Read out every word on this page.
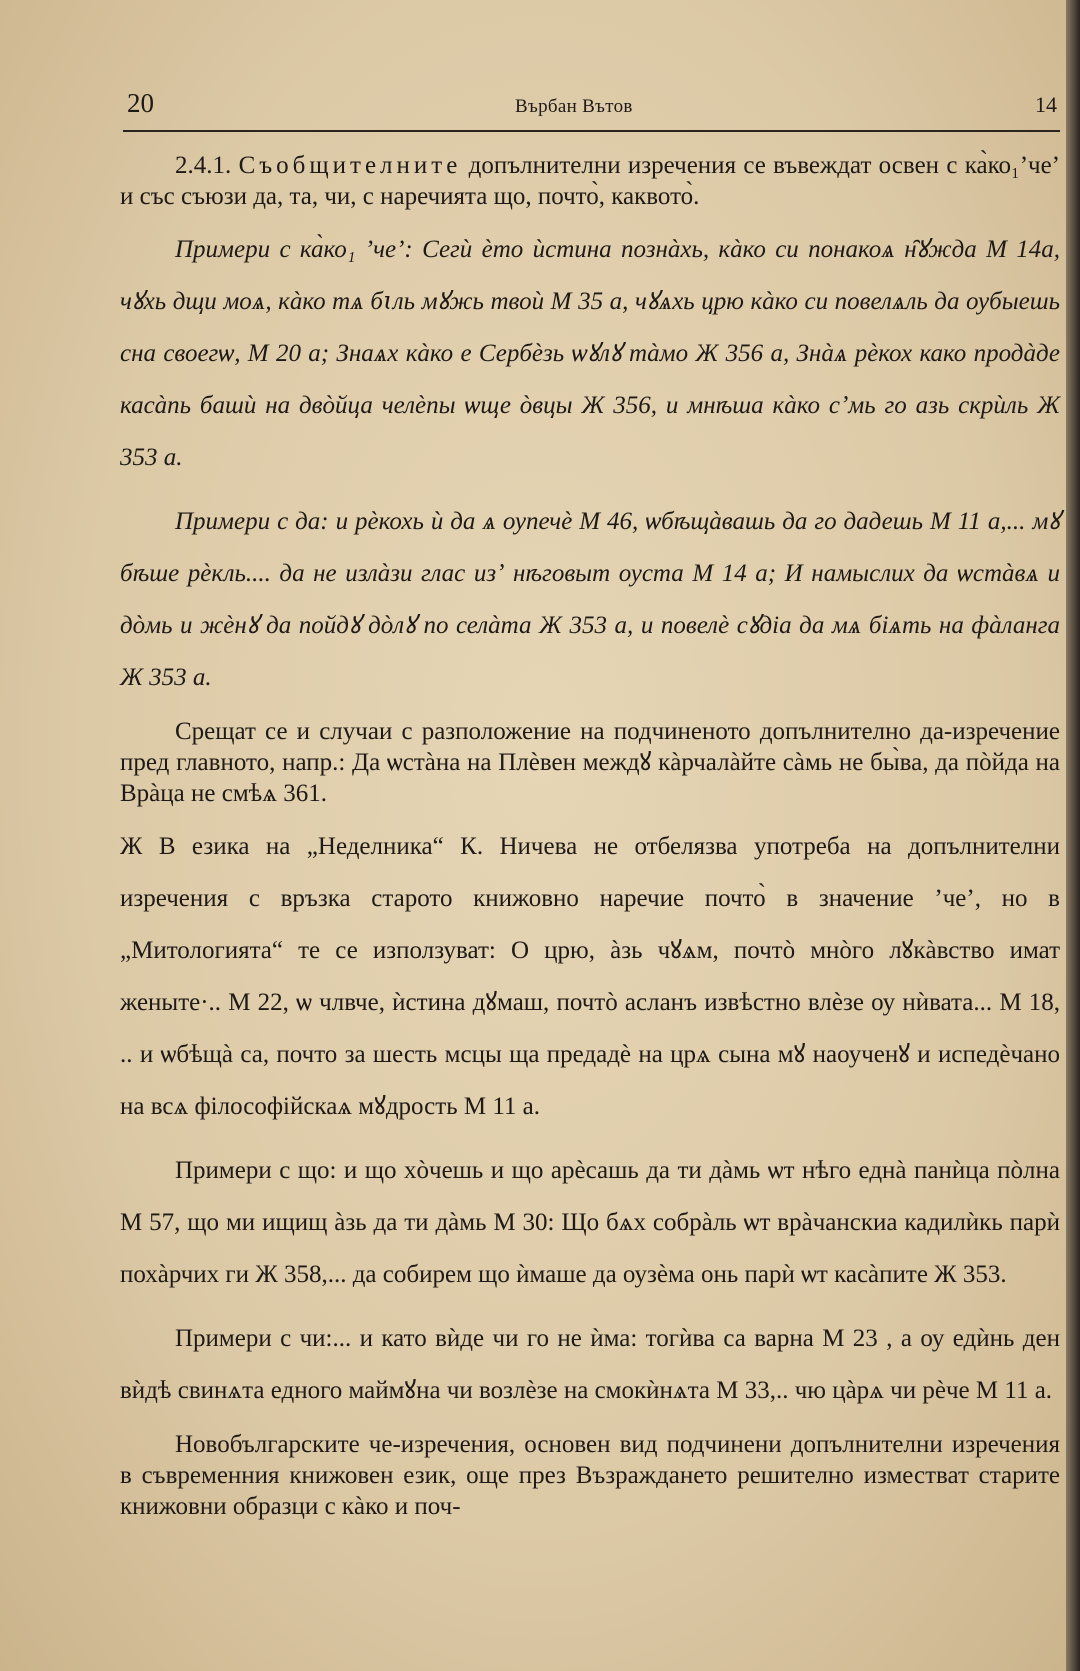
20	Върбан Вътов	14

2.4.1. Съобщителните допълнителни изречения се въвеждат освен с ка̀ко₁’че’ и със съюзи да, та, чи, с наречията що, почто̀, каквото̀.

Примери с ка̀ко₁ ’че’: Сегѝ ѐто ѝстина познàхь, кàко си понакоѧ н̑ꙋжда М 14а, чꙋхь дщи моѧ, кàко тѧ бꙇль мꙋжь твоѝ М 35 а, чꙋѧхь црю кàко си повелѧль да оубыешь сна своегѡ, М 20 а; Знаѧх кàко е Сербѐзь ѡꙋлꙋ тàмо Ж 356 а, Знàѧ рѐкох како продàде касàпь башѝ на двòйца челѐпы ѡще òвцы Ж 356, и мнѣша кàко сʼмь го азь скрѝль Ж 353 а.

Примери с да: и рѐкохь ѝ да ѧ оупечѐ М 46, ѡбѣщàвашь да го дадешь М 11 а,... мꙋ бѣше рѐкль.... да не излàзи глаc изʼ нѣговыт оуста М 14 а; И намыслих да ѡстàвѧ и дòмь и жѐнꙋ да пойдꙋ дòлꙋ по селàта Ж 353 а, и повелѐ сꙋдіа да мѧ бiѧть на фàланга Ж 353 а.

Срещат се и случаи с разположение на подчиненото допълнително да-изречение пред главното, напр.: Да ѡстàна на Плѐвен междꙋ кàрчалàйте сàмь не бы̀ва, да пòйда на Врàца не смѣѧ 361.

Ж В езика на „Неделника“ К. Ничева не отбелязва употреба на допълнителни изречения с връзка старото книжовно наречие почто̀ в значение ’че’, но в „Митологията“ те се използуват: О црю, àзь чꙋѧм, почтò мнòго лꙋкàвство имат женыте·.. М 22, ѡ члвче, ѝстина дꙋмаш, почтò асланъ извѣстно влѐзе оу нѝвата... М 18, .. и ѡбѣщà са, почто за шесть мсцы ща предадѐ на црѧ сына мꙋ наоученꙋ и испедѐчано на всѧ фiлософiйскаѧ мꙋдрость М 11 а.

Примери с що: и що хòчешь и що арѐсашь да ти дàмь ѡт нѣго еднà панѝца пòлна М 57, що ми ищищ àзь да ти дàмь М 30: Що бѧх собрàль ѡт врàчанскиа кадилѝкь парѝ похàрчих ги Ж 358,... да собирем що ѝмаше да оузѐма онь парѝ ѡт касàпите Ж 353.

Примери с чи:... и като вѝде чи го не ѝма: тогѝва са варна М 23 , а оу едѝнь ден вѝдѣ свинѧта едного маймꙋна чи возлѐзе на смокѝнѧта М 33,.. чю цàрѧ чи рѐче М 11 а.

Новобългарските че-изречения, основен вид подчинени допълнителни изречения в съвременния книжовен език, още през Възраждането решително изместват старите книжовни образци с кàко и поч-
